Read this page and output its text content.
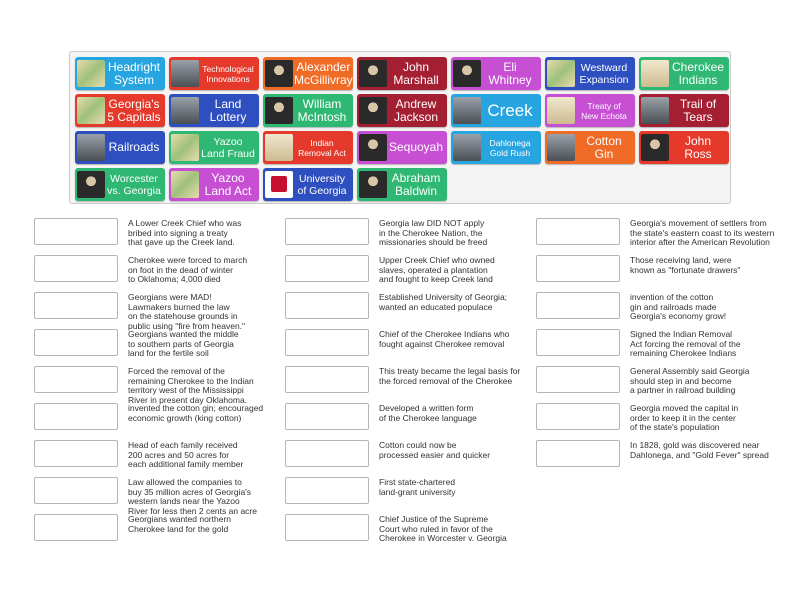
Headright
System
Technological
Innovations
Alexander
McGillivray
John
Marshall
Eli
Whitney
Westward
Expansion
Cherokee
Indians
Georgia's
5 Capitals
Land
Lottery
William
McIntosh
Andrew
Jackson	Creek	Treaty of
New Echota
Trail of
Tears
Railroads	Yazoo
Land Fraud
Indian
Removal Act	Sequoyah	Dahlonega
Gold Rush
Cotton
Gin
John Ross
Worcester
vs. Georgia
Yazoo
Land Act
University
of Georgia
Abraham
Baldwin
A Lower Creek Chief who was
bribed into signing a treaty
that gave up the Creek land.
Cherokee were forced to march
on foot in the dead of winter
to Oklahoma; 4,000 died
Georgians were MAD!
Lawmakers burned the law
on the statehouse grounds in
public using "fire from heaven."
Georgians wanted the middle
to southern parts of Georgia
land for the fertile soil
Forced the removal of the
remaining Cherokee to the Indian
territory west of the Mississippi
River in present day Oklahoma.
invented the cotton gin; encouraged
economic growth (king cotton)
Head of each family received
200 acres and 50 acres for
each additional family member
Law allowed the companies to
buy 35 million acres of Georgia's
western lands near the Yazoo
River for less then 2 cents an acre
Georgians wanted northern
Cherokee land for the gold
Georgia law DID NOT apply
in the Cherokee Nation, the
missionaries should be freed
Upper Creek Chief who owned
slaves, operated a plantation
and fought to keep Creek land
Established University of Georgia;
wanted an educated populace
Chief of the Cherokee Indians who
fought against Cherokee removal
This treaty became the legal basis for
the forced removal of the Cherokee
Developed a written form
of the Cherokee language
Cotton could now be
processed easier and quicker
First state-chartered
land-grant university
Chief Justice of the Supreme
Court who ruled in favor of the
Cherokee in Worcester v. Georgia
Georgia's movement of settlers from
the state's eastern coast to its western
interior after the American Revolution
Those receiving land, were
known as "fortunate drawers"
invention of the cotton
gin and railroads made
Georgia's economy grow!
Signed the Indian Removal
Act forcing the removal of the
remaining Cherokee Indians
General Assembly said Georgia
should step in and become
a partner in railroad building
Georgia moved the capital in
order to keep it in the center
of the state's population
In 1828, gold was discovered near
Dahlonega, and "Gold Fever" spread
